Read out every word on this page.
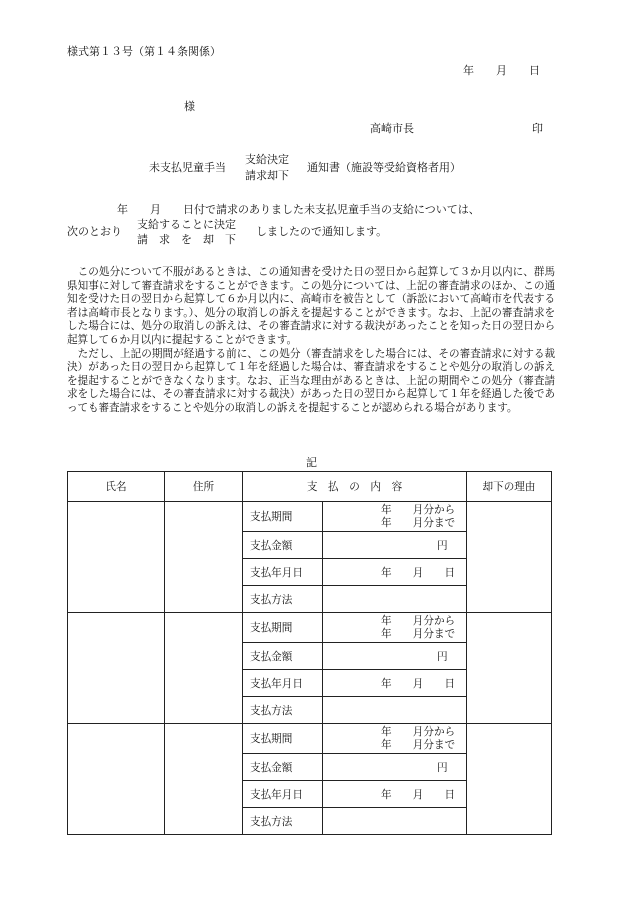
様式第１３号（第１４条関係）
年　　月　　日
様
高崎市長	印
未支払児童手当
支給決定
請求却下
通知書（施設等受給資格者用）
年　　月　　日付で請求のありました未支払児童手当の支給については、
次のとおり
支給することに決定
請　求　を　却　下
しましたので通知します。

この処分について不服があるときは、この通知書を受けた日の翌日から起算して３か月以内に、群馬県知事に対して審査請求をすることができます。この処分については、上記の審査請求のほか、この通知を受けた日の翌日から起算して６か月以内に、高崎市を被告として（訴訟において高崎市を代表する者は高崎市長となります。）、処分の取消しの訴えを提起することができます。なお、上記の審査請求をした場合には、処分の取消しの訴えは、その審査請求に対する裁決があったことを知った日の翌日から起算して６か月以内に提起することができます。

ただし、上記の期間が経過する前に、この処分（審査請求をした場合には、その審査請求に対する裁決）があった日の翌日から起算して１年を経過した場合は、審査請求をすることや処分の取消しの訴えを提起することができなくなります。なお、正当な理由があるときは、上記の期間やこの処分（審査請求をした場合には、その審査請求に対する裁決）があった日の翌日から起算して１年を経過した後であっても審査請求をすることや処分の取消しの訴えを提起することが認められる場合があります。

記
氏名	住所	支　払　の　内　容		却下の理由
		支払期間	年　　月分から
年　　月分まで	

		支払金額	円	

		支払年月日	年　　月　　日	

		支払方法		
		支払期間	年　　月分から
年　　月分まで	

		支払金額	円	

		支払年月日	年　　月　　日	

		支払方法		
		支払期間	年　　月分から
年　　月分まで	

		支払金額	円	

		支払年月日	年　　月　　日	

		支払方法		
